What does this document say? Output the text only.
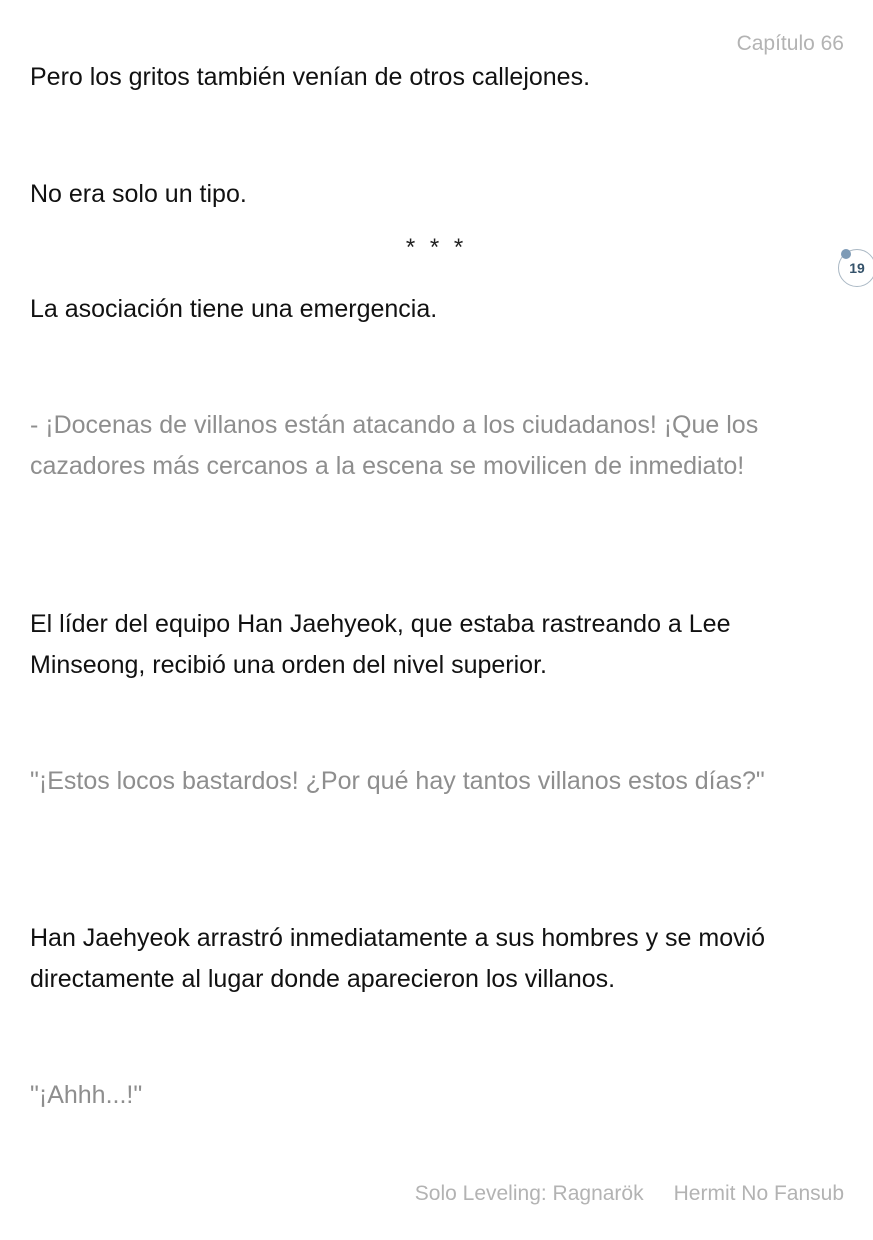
Capítulo 66

Pero los gritos también venían de otros callejones.

No era solo un tipo.

* * *

La asociación tiene una emergencia.

- ¡Docenas de villanos están atacando a los ciudadanos! ¡Que los cazadores más cercanos a la escena se movilicen de inmediato!

El líder del equipo Han Jaehyeok, que estaba rastreando a Lee Minseong, recibió una orden del nivel superior.

"¡Estos locos bastardos! ¿Por qué hay tantos villanos estos días?"

Han Jaehyeok arrastró inmediatamente a sus hombres y se movió directamente al lugar donde aparecieron los villanos.

"¡Ahhh...!"

19
Solo Leveling: Ragnarök Hermit No Fansub
